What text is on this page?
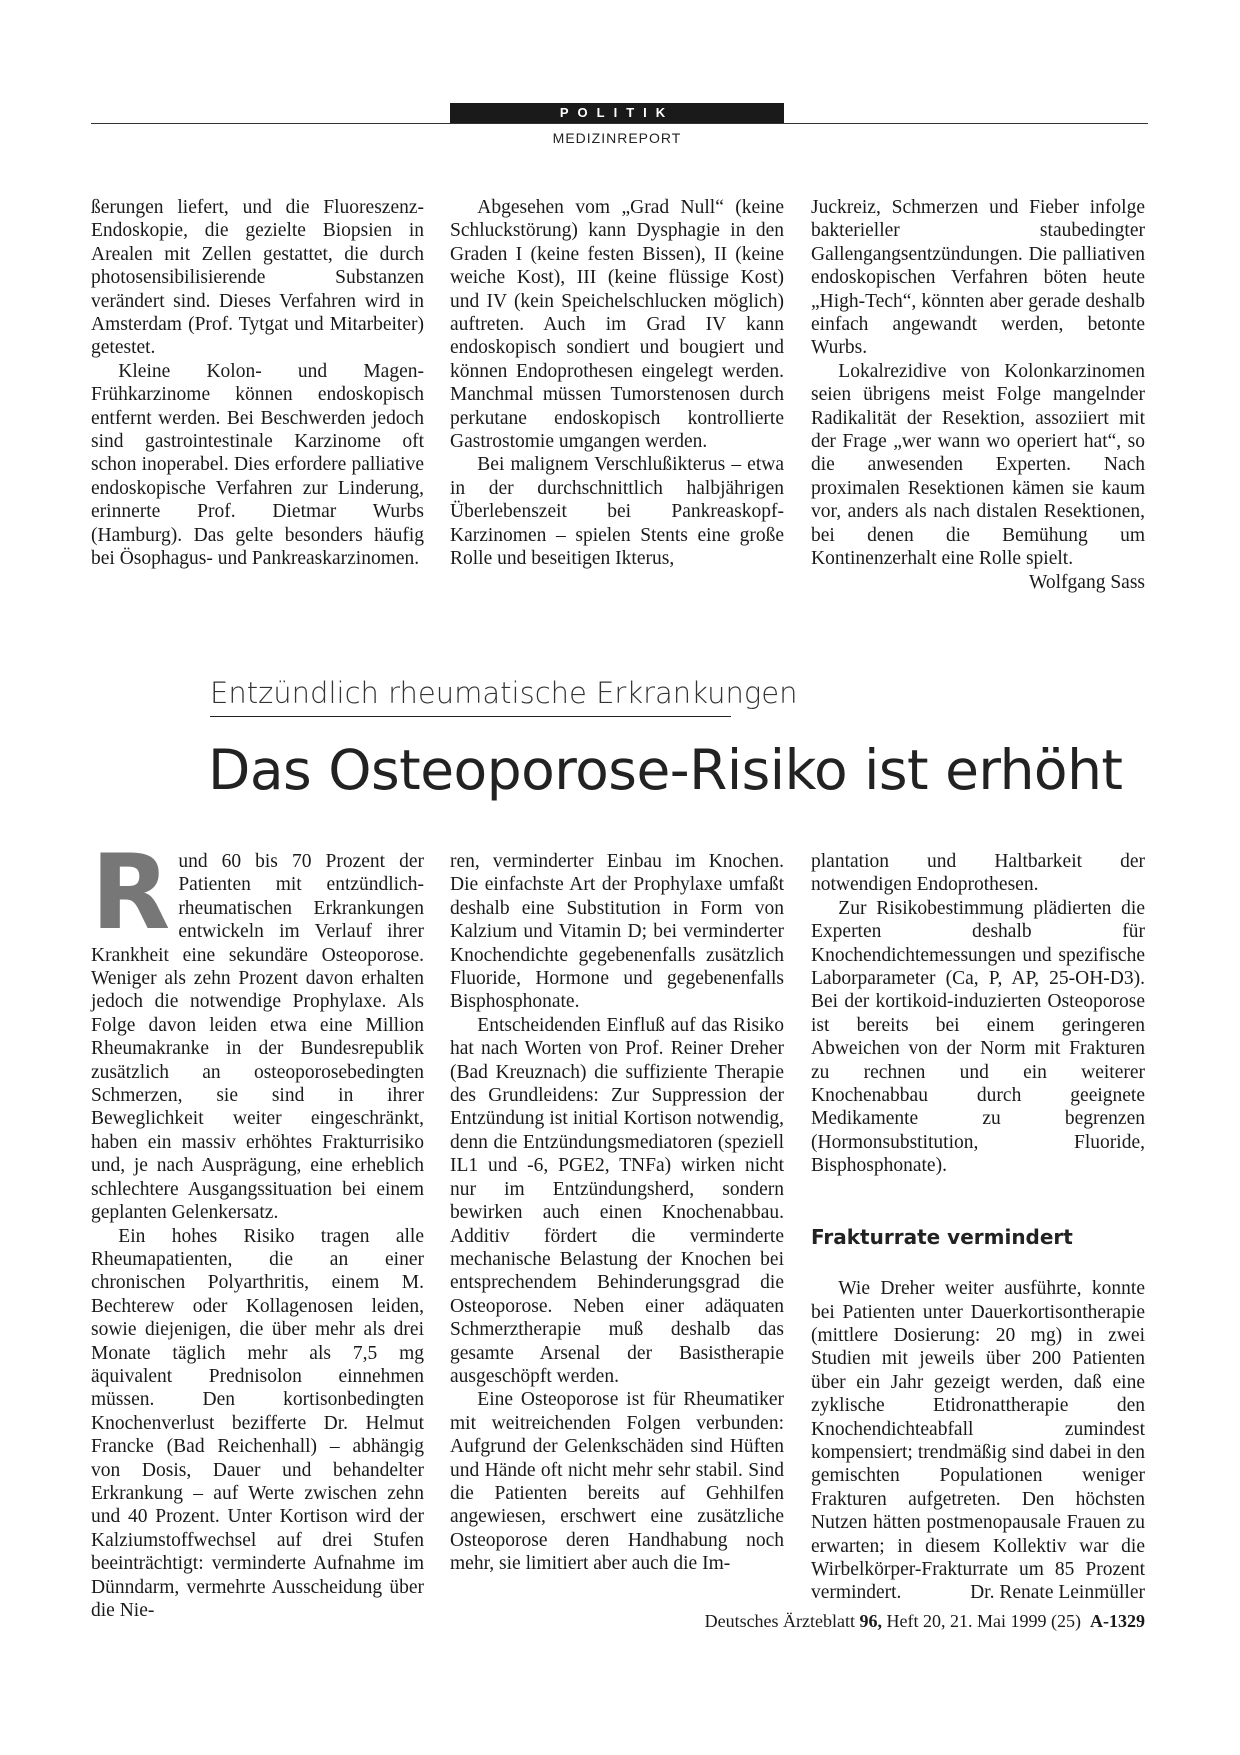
POLITIK
MEDIZINREPORT

ßerungen liefert, und die Fluoreszenz-Endoskopie, die gezielte Biopsien in Arealen mit Zellen gestattet, die durch photosensibilisierende Substanzen verändert sind. Dieses Verfahren wird in Amsterdam (Prof. Tytgat und Mitarbeiter) getestet.

Kleine Kolon- und Magen-Frühkarzinome können endoskopisch entfernt werden. Bei Beschwerden jedoch sind gastrointestinale Karzinome oft schon inoperabel. Dies erfordere palliative endoskopische Verfahren zur Linderung, erinnerte Prof. Dietmar Wurbs (Hamburg). Das gelte besonders häufig bei Ösophagus- und Pankreaskarzinomen.

Abgesehen vom „Grad Null“ (keine Schluckstörung) kann Dysphagie in den Graden I (keine festen Bissen), II (keine weiche Kost), III (keine flüssige Kost) und IV (kein Speichelschlucken möglich) auftreten. Auch im Grad IV kann endoskopisch sondiert und bougiert und können Endoprothesen eingelegt werden. Manchmal müssen Tumorstenosen durch perkutane endoskopisch kontrollierte Gastrostomie umgangen werden.

Bei malignem Verschlußikterus – etwa in der durchschnittlich halbjährigen Überlebenszeit bei Pankreaskopf-Karzinomen – spielen Stents eine große Rolle und beseitigen Ikterus,

Juckreiz, Schmerzen und Fieber infolge bakterieller staubedingter Gallengangsentzündungen. Die palliativen endoskopischen Verfahren böten heute „High-Tech“, könnten aber gerade deshalb einfach angewandt werden, betonte Wurbs.

Lokalrezidive von Kolonkarzinomen seien übrigens meist Folge mangelnder Radikalität der Resektion, assoziiert mit der Frage „wer wann wo operiert hat“, so die anwesenden Experten. Nach proximalen Resektionen kämen sie kaum vor, anders als nach distalen Resektionen, bei denen die Bemühung um Kontinenzerhalt eine Rolle spielt.
Wolfgang Sass

Entzündlich rheumatische Erkrankungen
Das Osteoporose-Risiko ist erhöht

Rund 60 bis 70 Prozent der Patienten mit entzündlich-rheumatischen Erkrankungen entwickeln im Verlauf ihrer Krankheit eine sekundäre Osteoporose. Weniger als zehn Prozent davon erhalten jedoch die notwendige Prophylaxe. Als Folge davon leiden etwa eine Million Rheumakranke in der Bundesrepublik zusätzlich an osteoporosebedingten Schmerzen, sie sind in ihrer Beweglichkeit weiter eingeschränkt, haben ein massiv erhöhtes Frakturrisiko und, je nach Ausprägung, eine erheblich schlechtere Ausgangssituation bei einem geplanten Gelenkersatz.

Ein hohes Risiko tragen alle Rheumapatienten, die an einer chronischen Polyarthritis, einem M. Bechterew oder Kollagenosen leiden, sowie diejenigen, die über mehr als drei Monate täglich mehr als 7,5 mg äquivalent Prednisolon einnehmen müssen. Den kortisonbedingten Knochenverlust bezifferte Dr. Helmut Francke (Bad Reichenhall) – abhängig von Dosis, Dauer und behandelter Erkrankung – auf Werte zwischen zehn und 40 Prozent. Unter Kortison wird der Kalziumstoffwechsel auf drei Stufen beeinträchtigt: verminderte Aufnahme im Dünndarm, vermehrte Ausscheidung über die Nie-

ren, verminderter Einbau im Knochen. Die einfachste Art der Prophylaxe umfaßt deshalb eine Substitution in Form von Kalzium und Vitamin D; bei verminderter Knochendichte gegebenenfalls zusätzlich Fluoride, Hormone und gegebenenfalls Bisphosphonate.

Entscheidenden Einfluß auf das Risiko hat nach Worten von Prof. Reiner Dreher (Bad Kreuznach) die suffiziente Therapie des Grundleidens: Zur Suppression der Entzündung ist initial Kortison notwendig, denn die Entzündungsmediatoren (speziell IL1 und -6, PGE2, TNFa) wirken nicht nur im Entzündungsherd, sondern bewirken auch einen Knochenabbau. Additiv fördert die verminderte mechanische Belastung der Knochen bei entsprechendem Behinderungsgrad die Osteoporose. Neben einer adäquaten Schmerztherapie muß deshalb das gesamte Arsenal der Basistherapie ausgeschöpft werden.

Eine Osteoporose ist für Rheumatiker mit weitreichenden Folgen verbunden: Aufgrund der Gelenkschäden sind Hüften und Hände oft nicht mehr sehr stabil. Sind die Patienten bereits auf Gehhilfen angewiesen, erschwert eine zusätzliche Osteoporose deren Handhabung noch mehr, sie limitiert aber auch die Im-

plantation und Haltbarkeit der notwendigen Endoprothesen.

Zur Risikobestimmung plädierten die Experten deshalb für Knochendichtemessungen und spezifische Laborparameter (Ca, P, AP, 25-OH-D3). Bei der kortikoid-induzierten Osteoporose ist bereits bei einem geringeren Abweichen von der Norm mit Frakturen zu rechnen und ein weiterer Knochenabbau durch geeignete Medikamente zu begrenzen (Hormonsubstitution, Fluoride, Bisphosphonate).

Frakturrate vermindert

Wie Dreher weiter ausführte, konnte bei Patienten unter Dauerkortisontherapie (mittlere Dosierung: 20 mg) in zwei Studien mit jeweils über 200 Patienten über ein Jahr gezeigt werden, daß eine zyklische Etidronattherapie den Knochendichteabfall zumindest kompensiert; trendmäßig sind dabei in den gemischten Populationen weniger Frakturen aufgetreten. Den höchsten Nutzen hätten postmenopausale Frauen zu erwarten; in diesem Kollektiv war die Wirbelkörper-Frakturrate um 85 Prozent vermindert.	Dr. Renate Leinmüller

Deutsches Ärzteblatt 96, Heft 20, 21. Mai 1999 (25) A-1329
